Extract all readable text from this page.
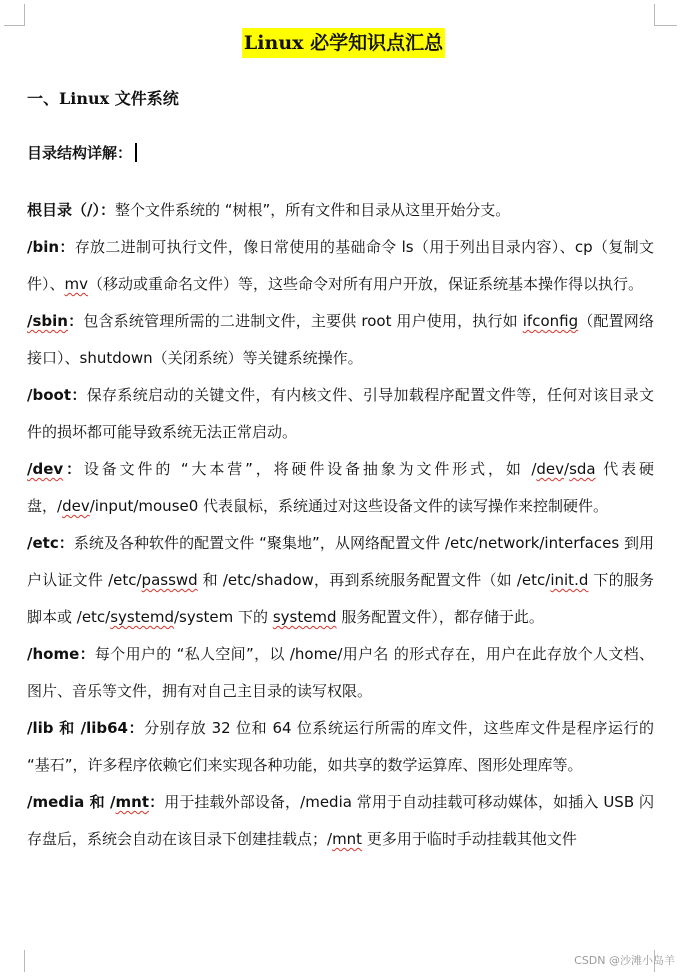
Linux 必学知识点汇总
一、Linux 文件系统
目录结构详解：

根目录（/）：整个文件系统的 “树根”，所有文件和目录从这里开始分支。

/bin：存放二进制可执行文件，像日常使用的基础命令 ls（用于列出目录内容）、cp（复制文件）、mv（移动或重命名文件）等，这些命令对所有用户开放，保证系统基本操作得以执行。

/sbin：包含系统管理所需的二进制文件，主要供 root 用户使用，执行如 ifconfig（配置网络接口）、shutdown（关闭系统）等关键系统操作。

/boot：保存系统启动的关键文件，有内核文件、引导加载程序配置文件等，任何对该目录文件的损坏都可能导致系统无法正常启动。

/dev：设备文件的 “大本营”，将硬件设备抽象为文件形式，如 /dev/sda 代表硬盘，/dev/input/mouse0 代表鼠标，系统通过对这些设备文件的读写操作来控制硬件。

/etc：系统及各种软件的配置文件 “聚集地”，从网络配置文件 /etc/network/interfaces 到用户认证文件 /etc/passwd 和 /etc/shadow，再到系统服务配置文件（如 /etc/init.d 下的服务脚本或 /etc/systemd/system 下的 systemd 服务配置文件），都存储于此。

/home：每个用户的 “私人空间”，以 /home/用户名 的形式存在，用户在此存放个人文档、图片、音乐等文件，拥有对自己主目录的读写权限。

/lib 和 /lib64：分别存放 32 位和 64 位系统运行所需的库文件，这些库文件是程序运行的 “基石”，许多程序依赖它们来实现各种功能，如共享的数学运算库、图形处理库等。

/media 和 /mnt：用于挂载外部设备，/media 常用于自动挂载可移动媒体，如插入 USB 闪存盘后，系统会自动在该目录下创建挂载点；/mnt 更多用于临时手动挂载其他文件

CSDN @沙滩小岛羊
